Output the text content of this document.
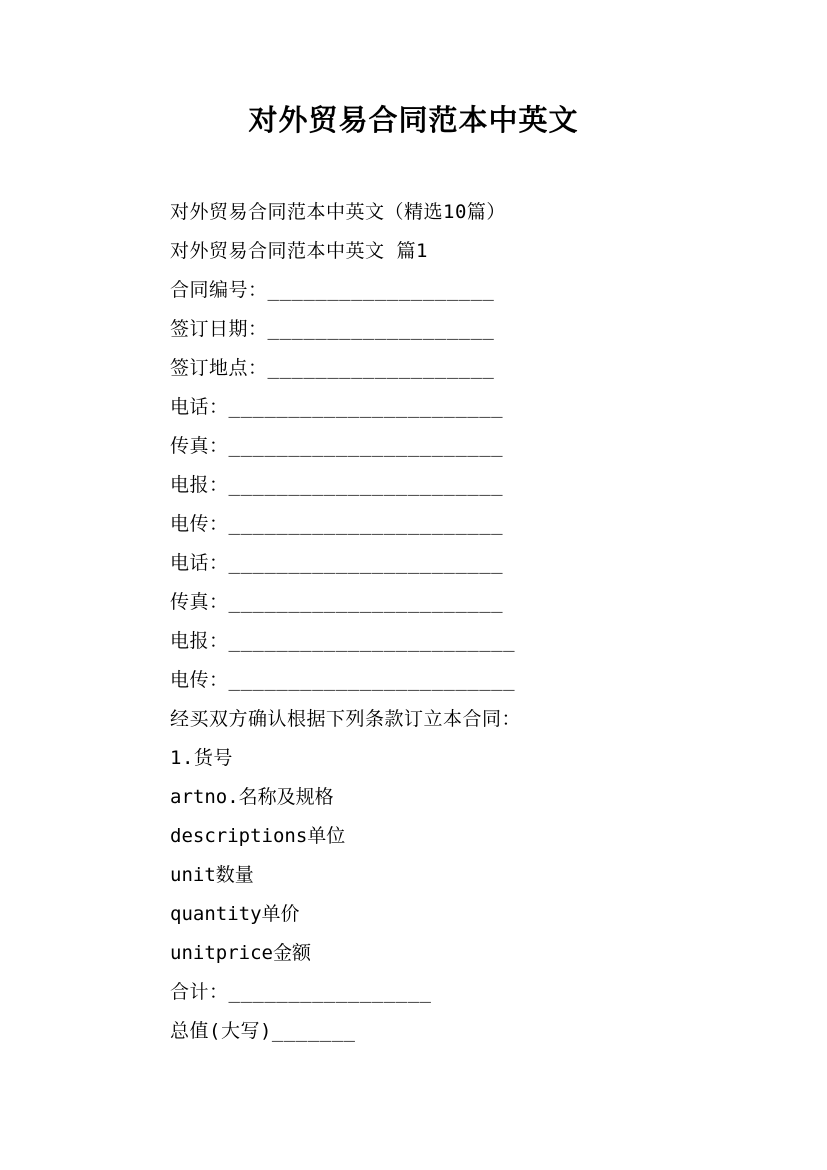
对外贸易合同范本中英文
对外贸易合同范本中英文（精选10篇）
对外贸易合同范本中英文 篇1
合同编号：___________________
签订日期：___________________
签订地点：___________________
电话：_______________________
传真：_______________________
电报：_______________________
电传：_______________________
电话：_______________________
传真：_______________________
电报：________________________
电传：________________________
经买双方确认根据下列条款订立本合同：
1.货号
artno.名称及规格
descriptions单位
unit数量
quantity单价
unitprice金额
合计：_________________
总值(大写)_______
